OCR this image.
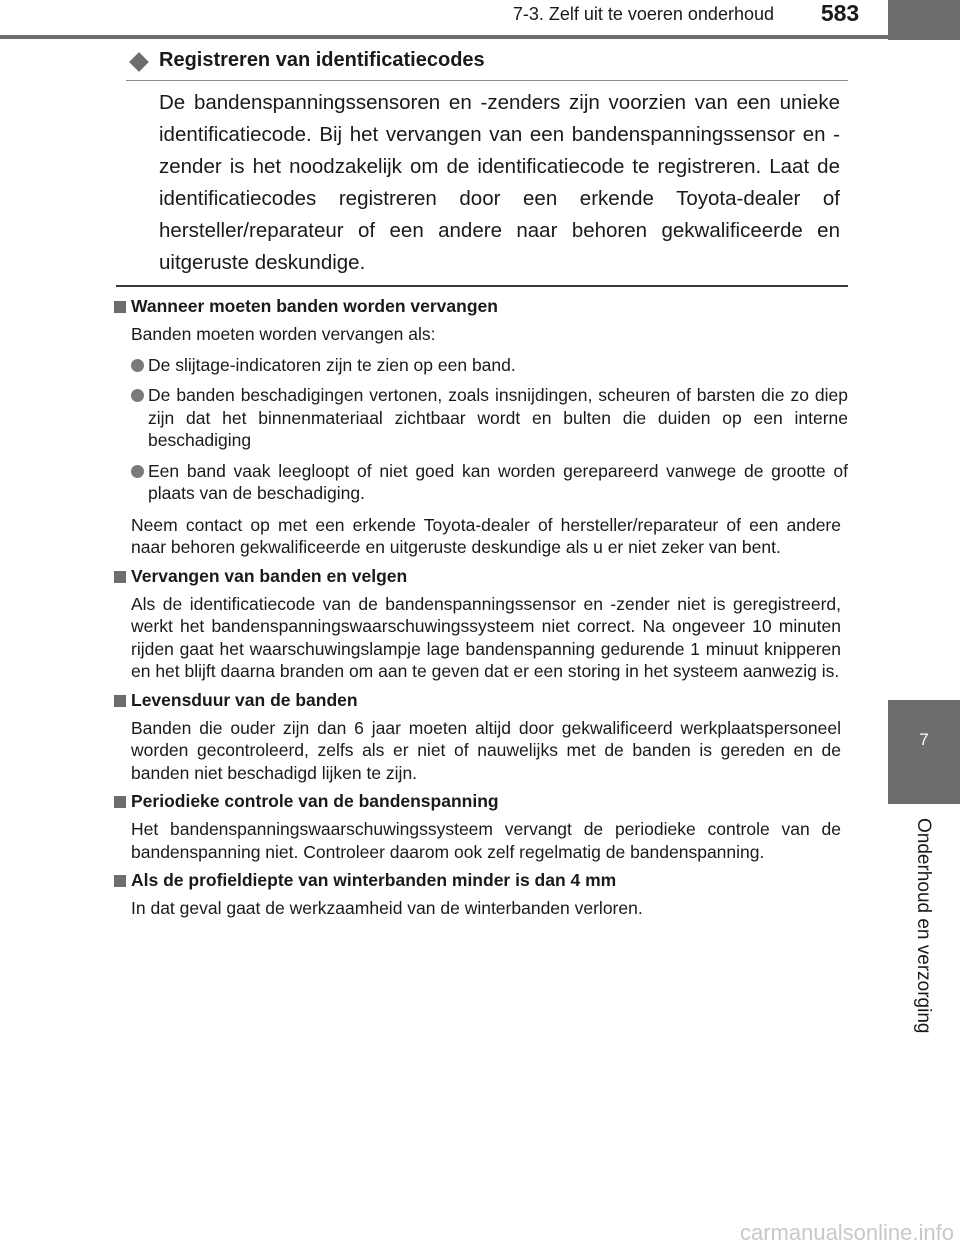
7-3. Zelf uit te voeren onderhoud	583
7
Onderhoud en verzorging
Registreren van identificatiecodes
De bandenspanningssensoren en -zenders zijn voorzien van een unieke identificatiecode. Bij het vervangen van een bandenspanningssensor en -zender is het noodzakelijk om de identificatiecode te registreren. Laat de identificatiecodes registreren door een erkende Toyota-dealer of hersteller/reparateur of een andere naar behoren gekwalificeerde en uitgeruste deskundige.
Wanneer moeten banden worden vervangen
Banden moeten worden vervangen als:
De slijtage-indicatoren zijn te zien op een band.
De banden beschadigingen vertonen, zoals insnijdingen, scheuren of barsten die zo diep zijn dat het binnenmateriaal zichtbaar wordt en bulten die duiden op een interne beschadiging
Een band vaak leegloopt of niet goed kan worden gerepareerd vanwege de grootte of plaats van de beschadiging.
Neem contact op met een erkende Toyota-dealer of hersteller/reparateur of een andere naar behoren gekwalificeerde en uitgeruste deskundige als u er niet zeker van bent.
Vervangen van banden en velgen
Als de identificatiecode van de bandenspanningssensor en -zender niet is geregistreerd, werkt het bandenspanningswaarschuwingssysteem niet correct. Na ongeveer 10 minuten rijden gaat het waarschuwingslampje lage bandenspanning gedurende 1 minuut knipperen en het blijft daarna branden om aan te geven dat er een storing in het systeem aanwezig is.
Levensduur van de banden
Banden die ouder zijn dan 6 jaar moeten altijd door gekwalificeerd werkplaatspersoneel worden gecontroleerd, zelfs als er niet of nauwelijks met de banden is gereden en de banden niet beschadigd lijken te zijn.
Periodieke controle van de bandenspanning
Het bandenspanningswaarschuwingssysteem vervangt de periodieke controle van de bandenspanning niet. Controleer daarom ook zelf regelmatig de bandenspanning.
Als de profieldiepte van winterbanden minder is dan 4 mm
In dat geval gaat de werkzaamheid van de winterbanden verloren.
carmanualsonline.info
